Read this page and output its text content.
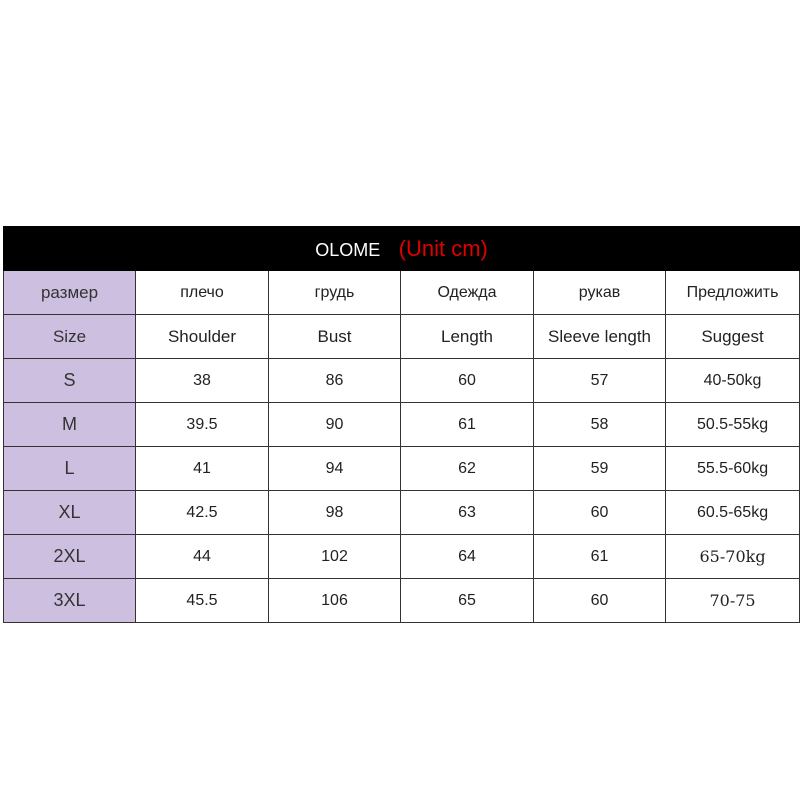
OLOME (Unit cm)					
размер	плечо	грудь	Одежда	рукав	Предложить
Size	Shoulder	Bust	Length	Sleeve length	Suggest
S	38	86	60	57	40-50kg
M	39.5	90	61	58	50.5-55kg
L	41	94	62	59	55.5-60kg
XL	42.5	98	63	60	60.5-65kg
2XL	44	102	64	61	65-70kg
3XL	45.5	106	65	60	70-75
